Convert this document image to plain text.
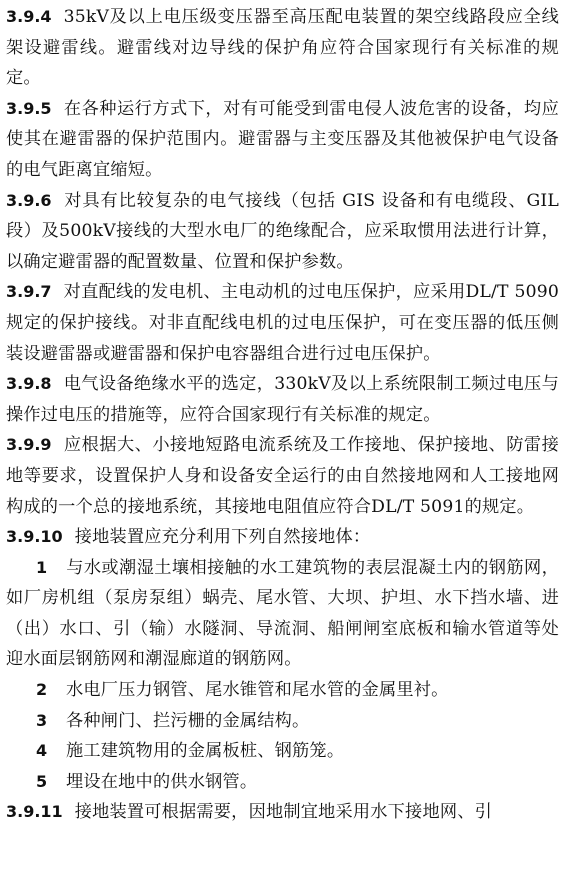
3.9.4 35kV及以上电压级变压器至高压配电装置的架空线路段应全线架设避雷线。避雷线对边导线的保护角应符合国家现行有关标准的规定。

3.9.5 在各种运行方式下，对有可能受到雷电侵人波危害的设备，均应使其在避雷器的保护范围内。避雷器与主变压器及其他被保护电气设备的电气距离宜缩短。

3.9.6 对具有比较复杂的电气接线（包括 GIS 设备和有电缆段、GIL段）及500kV接线的大型水电厂的绝缘配合，应采取惯用法进行计算，以确定避雷器的配置数量、位置和保护参数。

3.9.7 对直配线的发电机、主电动机的过电压保护，应采用DL/T 5090规定的保护接线。对非直配线电机的过电压保护，可在变压器的低压侧装设避雷器或避雷器和保护电容器组合进行过电压保护。

3.9.8 电气设备绝缘水平的选定，330kV及以上系统限制工频过电压与操作过电压的措施等，应符合国家现行有关标准的规定。

3.9.9 应根据大、小接地短路电流系统及工作接地、保护接地、防雷接地等要求，设置保护人身和设备安全运行的由自然接地网和人工接地网构成的一个总的接地系统，其接地电阻值应符合DL/T 5091的规定。

3.9.10 接地装置应充分利用下列自然接地体：

1 与水或潮湿土壤相接触的水工建筑物的表层混凝土内的钢筋网，如厂房机组（泵房泵组）蜗壳、尾水管、大坝、护坦、水下挡水墙、进（出）水口、引（输）水隧洞、导流洞、船闸闸室底板和输水管道等处迎水面层钢筋网和潮湿廊道的钢筋网。

2 水电厂压力钢管、尾水锥管和尾水管的金属里衬。

3 各种闸门、拦污栅的金属结构。

4 施工建筑物用的金属板桩、钢筋笼。

5 埋设在地中的供水钢管。

3.9.11 接地装置可根据需要，因地制宜地采用水下接地网、引
